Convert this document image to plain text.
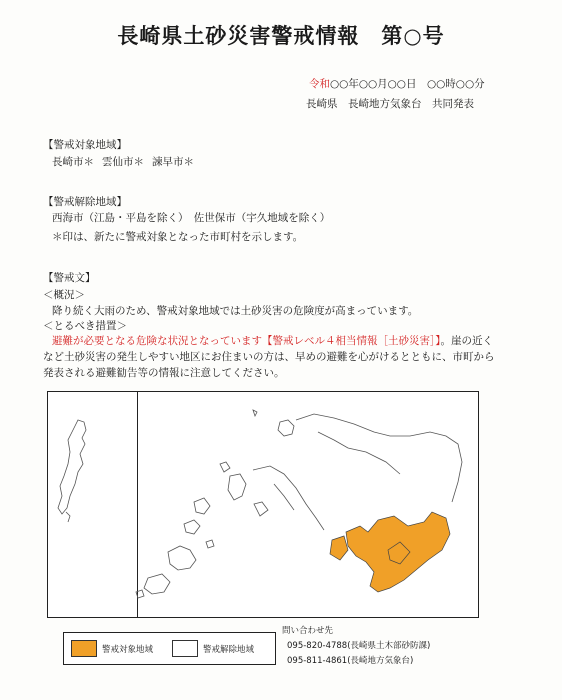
長崎県土砂災害警戒情報　第○号
令和○○年○○月○○日　○○時○○分
長崎県　長崎地方気象台　共同発表
【警戒対象地域】
長崎市＊ 雲仙市＊ 諫早市＊
【警戒解除地域】
西海市（江島・平島を除く）　佐世保市（宇久地域を除く）
＊印は、新たに警戒対象となった市町村を示します。
【警戒文】
＜概況＞
降り続く大雨のため、警戒対象地域では土砂災害の危険度が高まっています。
＜とるべき措置＞
避難が必要となる危険な状況となっています【警戒レベル４相当情報［土砂災害］】。崖の近く
など土砂災害の発生しやすい地区にお住まいの方は、早めの避難を心がけるとともに、市町から
発表される避難勧告等の情報に注意してください。
警戒対象地域	警戒解除地域
問い合わせ先
095-820-4788(長崎県土木部砂防課)
095-811-4861(長崎地方気象台)
